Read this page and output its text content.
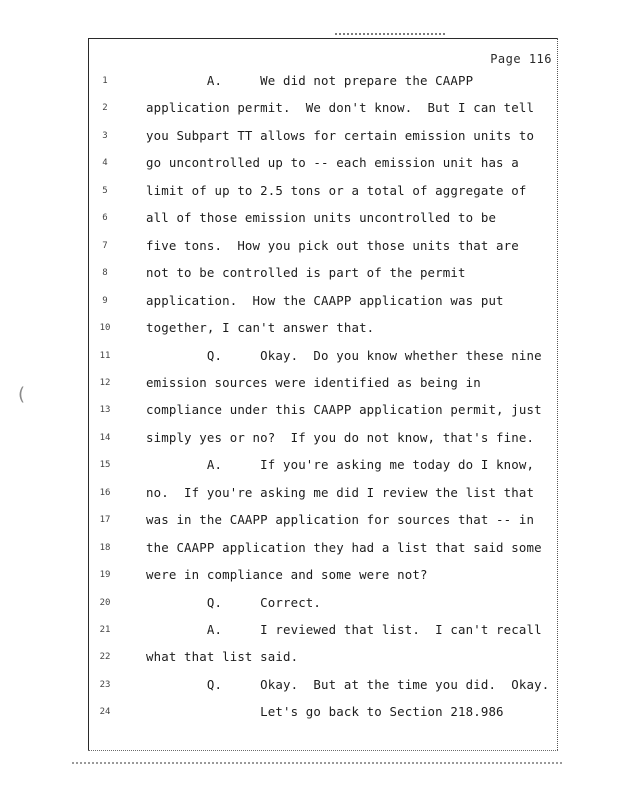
(
Page 116
1	A.     We did not prepare the CAAPP
2	application permit.  We don't know.  But I can tell
3	you Subpart TT allows for certain emission units to
4	go uncontrolled up to -- each emission unit has a
5	limit of up to 2.5 tons or a total of aggregate of
6	all of those emission units uncontrolled to be
7	five tons.  How you pick out those units that are
8	not to be controlled is part of the permit
9	application.  How the CAAPP application was put
10	together, I can't answer that.
11	Q.     Okay.  Do you know whether these nine
12	emission sources were identified as being in
13	compliance under this CAAPP application permit, just
14	simply yes or no?  If you do not know, that's fine.
15	A.     If you're asking me today do I know,
16	no.  If you're asking me did I review the list that
17	was in the CAAPP application for sources that -- in
18	the CAAPP application they had a list that said some
19	were in compliance and some were not?
20	Q.     Correct.
21	A.     I reviewed that list.  I can't recall
22	what that list said.
23	Q.     Okay.  But at the time you did.  Okay.
24	Let's go back to Section 218.986
